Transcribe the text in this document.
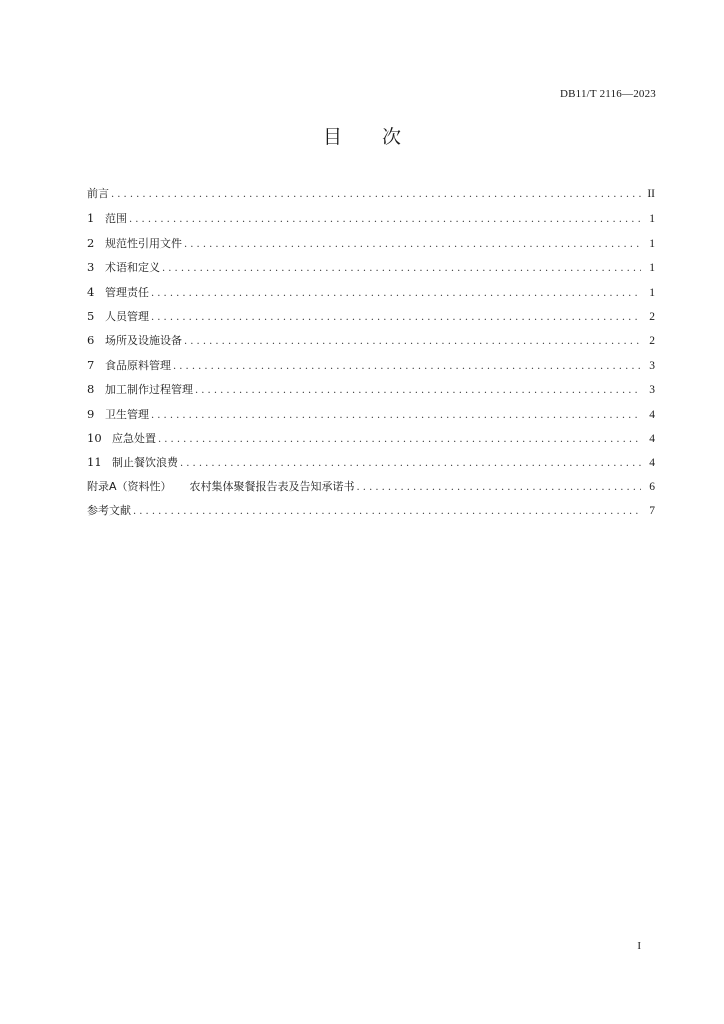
DB11/T 2116—2023
目 次
前言 .....	II
1 范围 .....	1
2 规范性引用文件 .....	1
3 术语和定义 .....	1
4 管理责任 .....	1
5 人员管理 .....	2
6 场所及设施设备 .....	2
7 食品原料管理 .....	3
8 加工制作过程管理 .....	3
9 卫生管理 .....	4
10 应急处置 .....	4
11 制止餐饮浪费 .....	4
附录A（资料性） 农村集体聚餐报告表及告知承诺书 .....	6
参考文献 .....	7
I
